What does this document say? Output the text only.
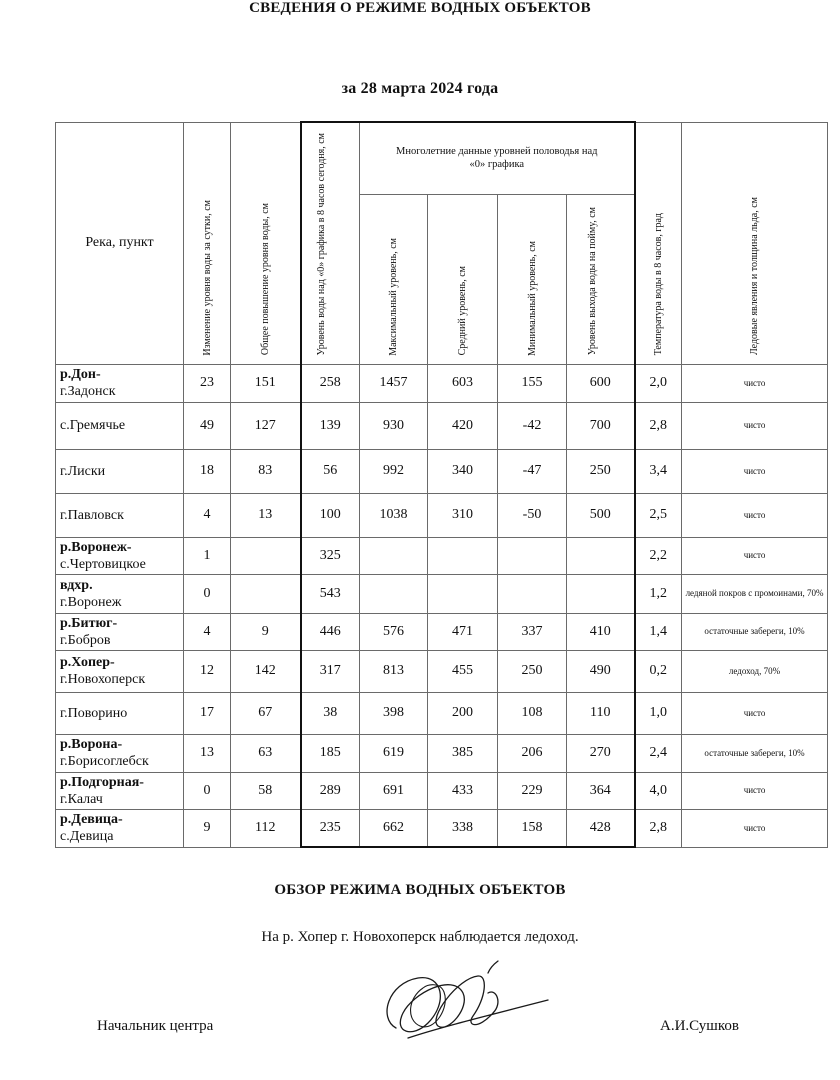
СВЕДЕНИЯ О РЕЖИМЕ ВОДНЫХ ОБЪЕКТОВ
за 28 марта 2024 года
Река, пункт	Изменение уровня воды за сутки, см	Общее повышение уровня воды, см	Уровень воды над «0» графика в 8 часов сегодня, см	Многолетние данные уровней половодья над «0» графика				Температура воды в 8 часов, град	Ледовые явления и толщина льда, см

				Максимальный уровень, см	Средний уровень, см	Минимальный уровень, см	Уровень выхода воды на пойму, см		

р.Дон-
г.Задонск	23	151	258	1457	603	155	600	2,0	чисто
с.Гремячье	49	127	139	930	420	-42	700	2,8	чисто
г.Лиски	18	83	56	992	340	-47	250	3,4	чисто
г.Павловск	4	13	100	1038	310	-50	500	2,5	чисто

р.Воронеж-
с.Чертовицкое	1		325					2,2	чисто

вдхр.
г.Воронеж	0		543					1,2	ледяной покров с промоинами, 70%

р.Битюг-
г.Бобров	4	9	446	576	471	337	410	1,4	остаточные забереги, 10%

р.Хопер-
г.Новохоперск	12	142	317	813	455	250	490	0,2	ледоход, 70%
г.Поворино	17	67	38	398	200	108	110	1,0	чисто

р.Ворона-
г.Борисоглебск	13	63	185	619	385	206	270	2,4	остаточные забереги, 10%

р.Подгорная-
г.Калач	0	58	289	691	433	229	364	4,0	чисто

р.Девица-
с.Девица	9	112	235	662	338	158	428	2,8	чисто
ОБЗОР РЕЖИМА ВОДНЫХ ОБЪЕКТОВ
На р. Хопер г. Новохоперск наблюдается ледоход.
Начальник центра	А.И.Сушков
